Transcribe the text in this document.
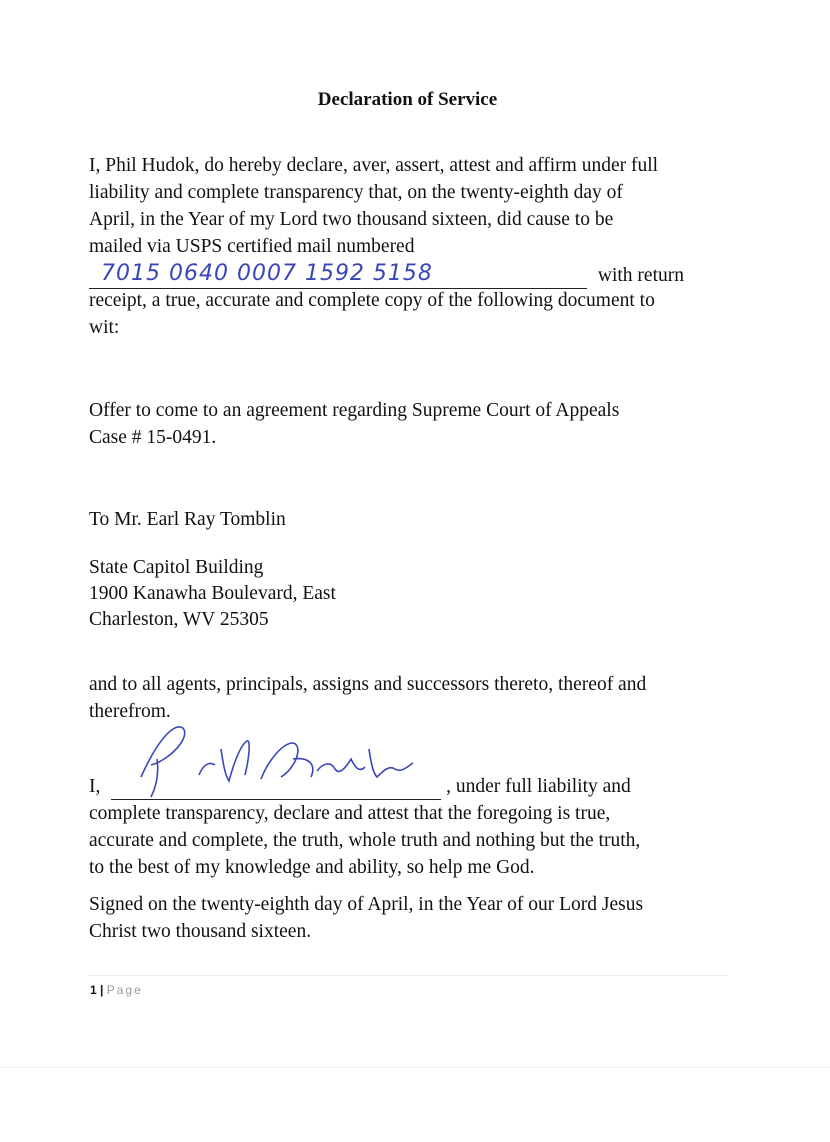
Declaration of Service
I, Phil Hudok, do hereby declare, aver, assert, attest and affirm under full
liability and complete transparency that, on the twenty-eighth day of
April, in the Year of my Lord two thousand sixteen, did cause to be
mailed via USPS certified mail numbered
7015 0640 0007 1592 5158	with return
receipt, a true, accurate and complete copy of the following document to
wit:
Offer to come to an agreement regarding Supreme Court of Appeals
Case # 15-0491.
To Mr. Earl Ray Tomblin
State Capitol Building
1900 Kanawha Boulevard, East
Charleston, WV 25305
and to all agents, principals, assigns and successors thereto, thereof and
therefrom.
I,	, under full liability and
complete transparency, declare and attest that the foregoing is true,
accurate and complete, the truth, whole truth and nothing but the truth,
to the best of my knowledge and ability, so help me God.
Signed on the twenty-eighth day of April, in the Year of our Lord Jesus
Christ two thousand sixteen.
1 | Page
